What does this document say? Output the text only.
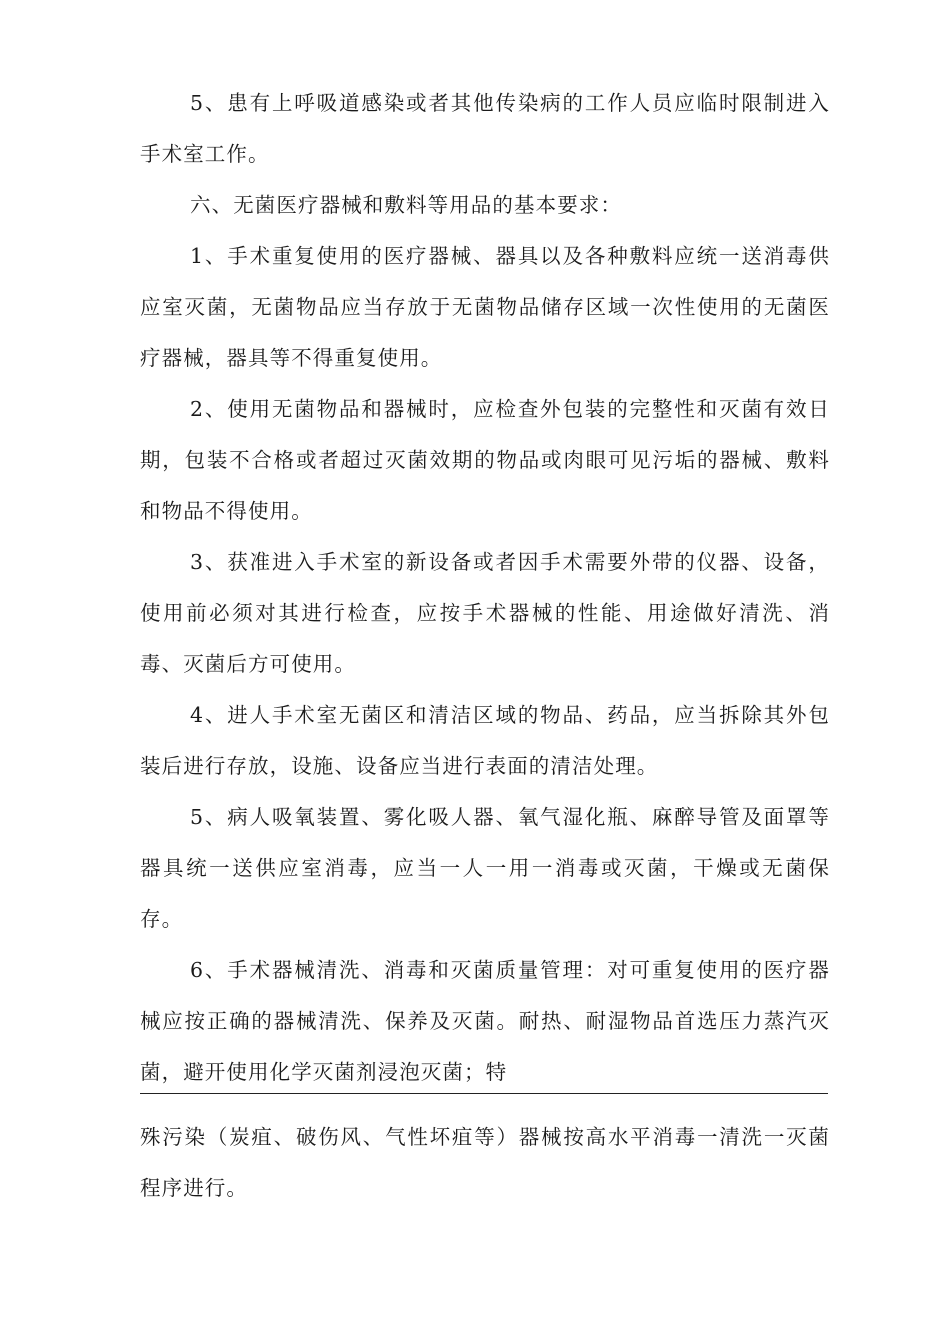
5、患有上呼吸道感染或者其他传染病的工作人员应临时限制进入手术室工作。

六、无菌医疗器械和敷料等用品的基本要求：

1、手术重复使用的医疗器械、器具以及各种敷料应统一送消毒供应室灭菌，无菌物品应当存放于无菌物品储存区域一次性使用的无菌医疗器械，器具等不得重复使用。

2、使用无菌物品和器械时，应检查外包装的完整性和灭菌有效日期，包装不合格或者超过灭菌效期的物品或肉眼可见污垢的器械、敷料和物品不得使用。

3、获准进入手术室的新设备或者因手术需要外带的仪器、设备，使用前必须对其进行检查，应按手术器械的性能、用途做好清洗、消毒、灭菌后方可使用。

4、进人手术室无菌区和清洁区域的物品、药品，应当拆除其外包装后进行存放，设施、设备应当进行表面的清洁处理。

5、病人吸氧装置、雾化吸人器、氧气湿化瓶、麻醉导管及面罩等器具统一送供应室消毒，应当一人一用一消毒或灭菌，干燥或无菌保存。

6、手术器械清洗、消毒和灭菌质量管理：对可重复使用的医疗器械应按正确的器械清洗、保养及灭菌。耐热、耐湿物品首选压力蒸汽灭菌，避开使用化学灭菌剂浸泡灭菌；特

殊污染（炭疽、破伤风、气性坏疽等）器械按高水平消毒一清洗一灭菌程序进行。
